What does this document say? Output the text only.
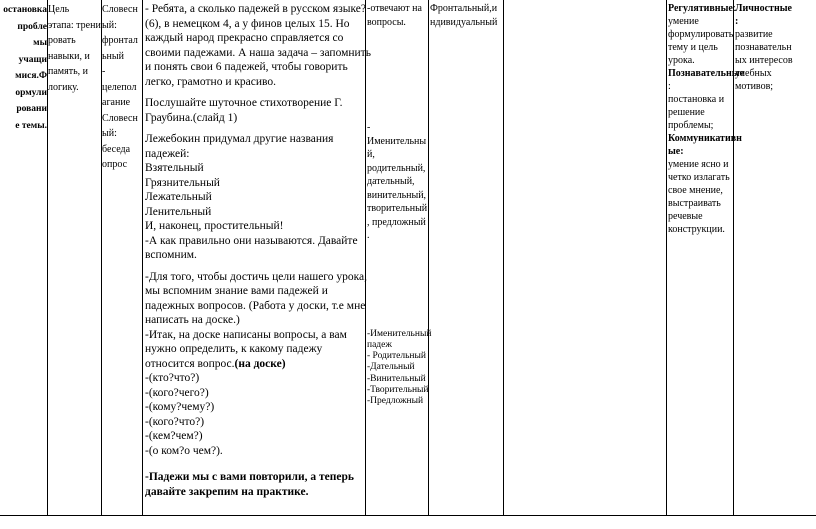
остановка
пробле
мы
учащи
мися.Ф
ормули
ровани
е темы.
Цель
этапа: трени
ровать
навыки, и
память, и
логику.
Словесн
ый:
фронтал
ьный
-
целепол
агание
Словесн
ый:
беседа
опрос
- Ребята, а сколько падежей в русском языке?
(6), в немецком 4, а у финов целых 15. Но
каждый народ прекрасно справляется со
своими падежами. А наша задача – запомнить
и понять свои 6 падежей, чтобы говорить
легко, грамотно и красиво.
Послушайте шуточное стихотворение Г.
Граубина.(слайд 1)
Лежебокин придумал другие названия
падежей:
Взятельный
Грязнительный
Лежательный
Ленительный
И, наконец, простительный!
-А как правильно они называются. Давайте
вспомним.
-Для того, чтобы достичь цели нашего урока,
мы вспомним знание вами падежей и
падежных вопросов. (Работа у доски, т.е мне
написать на доске.)
-Итак, на доске написаны вопросы, а вам
нужно определить, к какому падежу
относится вопрос.(на доске)
-(кто?что?)
-(кого?чего?)
-(кому?чему?)
-(кого?что?)
-(кем?чем?)
-(о ком?о чем?).
-Падежи мы с вами повторили, а теперь
давайте закрепим на практике.
-отвечают на
вопросы.
-
Именительны
й,
родительный,
дательный,
винительный,
творительный
, предложный
.
-Именительный
падеж
- Родительный
-Дательный
-Винительный
-Творительный
-Предложный
Фронтальный,и
ндивидуальный
Регулятивные:
умение
формулировать
тему и цель
урока.
Познавательные
:
постановка и
решение
проблемы;
Коммуникативн
ые:
умение ясно и
четко излагать
свое мнение,
выстраивать
речевые
конструкции.
Личностные
:
развитие
познавательн
ых интересов
учебных
мотивов;
